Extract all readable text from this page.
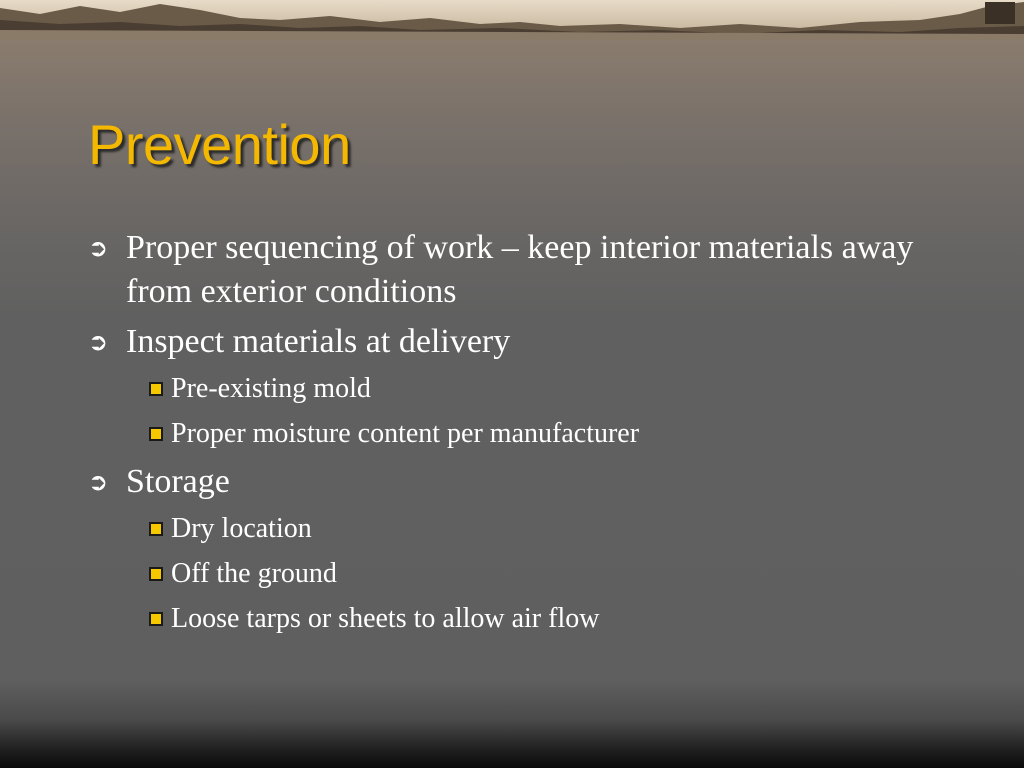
Prevention
➲ Proper sequencing of work – keep interior materials away from exterior conditions
➲ Inspect materials at delivery
Pre-existing mold
Proper moisture content per manufacturer
➲ Storage
Dry location
Off the ground
Loose tarps or sheets to allow air flow
